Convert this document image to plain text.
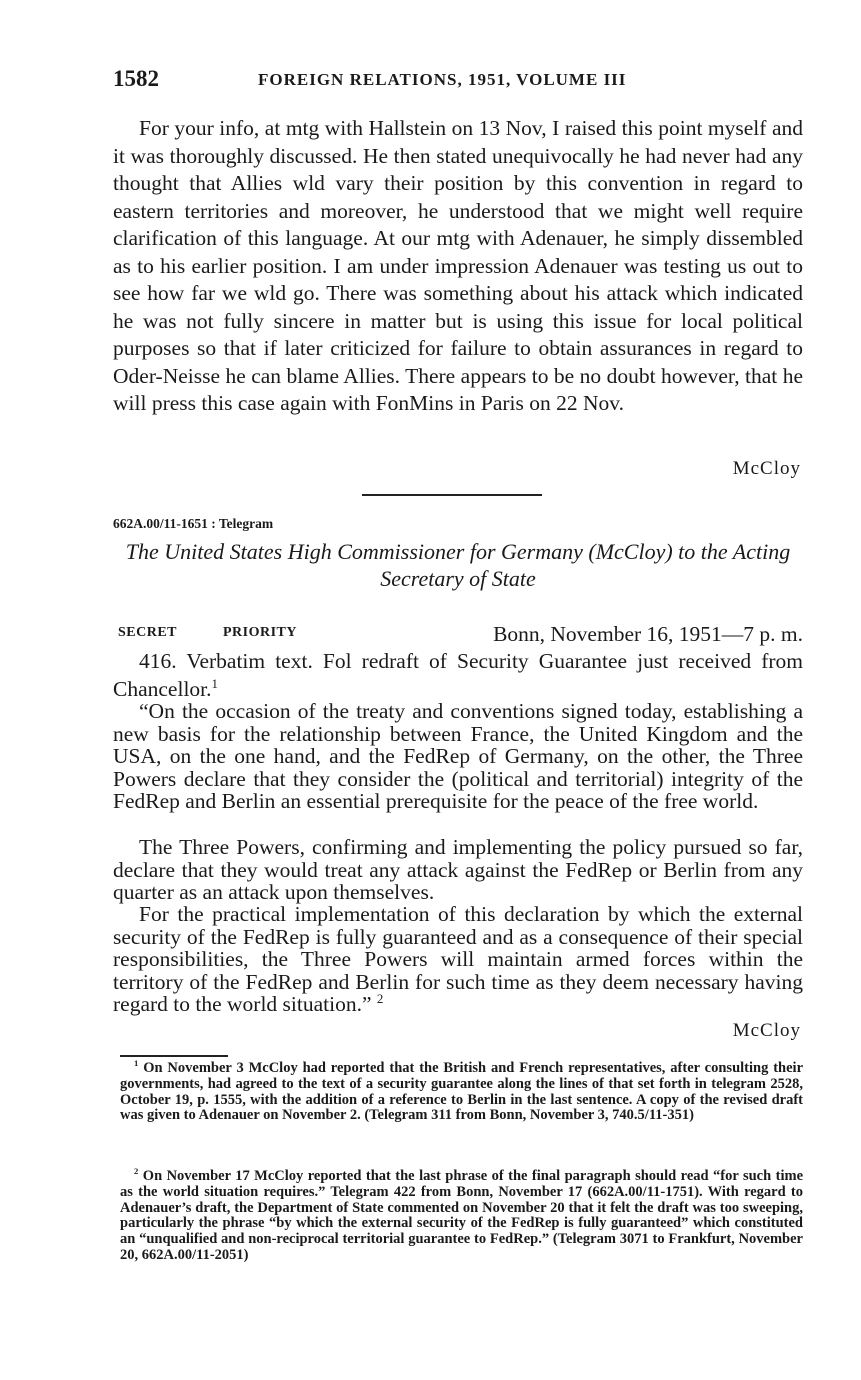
1582	FOREIGN RELATIONS, 1951, VOLUME III
For your info, at mtg with Hallstein on 13 Nov, I raised this point myself and it was thoroughly discussed. He then stated unequivocally he had never had any thought that Allies wld vary their position by this convention in regard to eastern territories and moreover, he understood that we might well require clarification of this language. At our mtg with Adenauer, he simply dissembled as to his earlier position. I am under impression Adenauer was testing us out to see how far we wld go. There was something about his attack which indicated he was not fully sincere in matter but is using this issue for local political purposes so that if later criticized for failure to obtain assurances in regard to Oder-Neisse he can blame Allies. There appears to be no doubt however, that he will press this case again with FonMins in Paris on 22 Nov.
McCloy
662A.00/11-1651 : Telegram
The United States High Commissioner for Germany (McCloy) to the Acting Secretary of State
SECRET	PRIORITY	Bonn, November 16, 1951—7 p. m.
416. Verbatim text. Fol redraft of Security Guarantee just received from Chancellor.$^1$
“On the occasion of the treaty and conventions signed today, establishing a new basis for the relationship between France, the United Kingdom and the USA, on the one hand, and the FedRep of Germany, on the other, the Three Powers declare that they consider the (political and territorial) integrity of the FedRep and Berlin an essential prerequisite for the peace of the free world.
The Three Powers, confirming and implementing the policy pursued so far, declare that they would treat any attack against the FedRep or Berlin from any quarter as an attack upon themselves.
For the practical implementation of this declaration by which the external security of the FedRep is fully guaranteed and as a consequence of their special responsibilities, the Three Powers will maintain armed forces within the territory of the FedRep and Berlin for such time as they deem necessary having regard to the world situation.” $^2$
McCloy
$^1$ On November 3 McCloy had reported that the British and French representatives, after consulting their governments, had agreed to the text of a security guarantee along the lines of that set forth in telegram 2528, October 19, p. 1555, with the addition of a reference to Berlin in the last sentence. A copy of the revised draft was given to Adenauer on November 2. (Telegram 311 from Bonn, November 3, 740.5/11-351)
$^2$ On November 17 McCloy reported that the last phrase of the final paragraph should read “for such time as the world situation requires.” Telegram 422 from Bonn, November 17 (662A.00/11-1751). With regard to Adenauer’s draft, the Department of State commented on November 20 that it felt the draft was too sweeping, particularly the phrase “by which the external security of the FedRep is fully guaranteed” which constituted an “unqualified and non-reciprocal territorial guarantee to FedRep.” (Telegram 3071 to Frankfurt, November 20, 662A.00/11-2051)
